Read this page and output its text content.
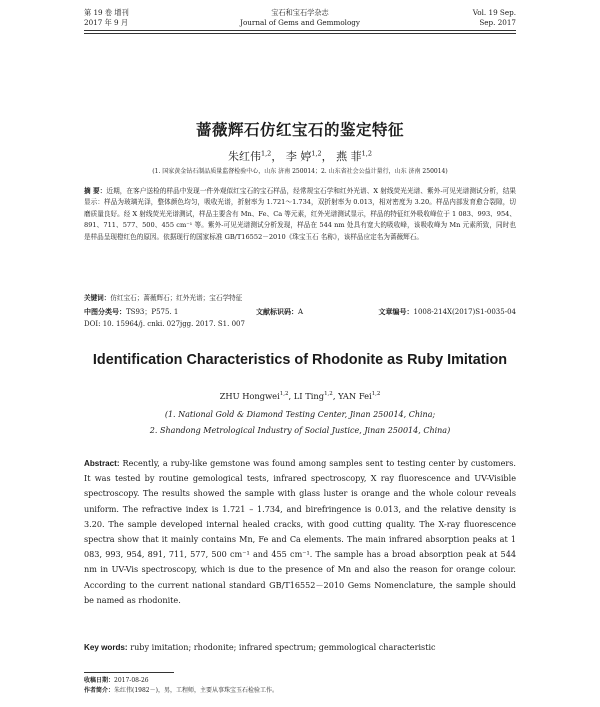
第 19 卷 增刊
2017 年 9 月
宝石和宝石学杂志
Journal of Gems and Gemmology
Vol. 19 Sep.
Sep. 2017
蔷薇辉石仿红宝石的鉴定特征
朱红伟$^{1,2}$， 李 婷$^{1,2}$， 燕 菲$^{1,2}$
(1. 国家黄金钻石制品质量监督检验中心，山东 济南 250014；2. 山东省社会公益计量行，山东 济南 250014)
摘 要：近期，在客户送检的样品中发现一件外观似红宝石的宝石样品，经常规宝石学和红外光谱、X 射线荧光光谱、紫外-可见光谱测试分析，结果显示：样品为玻璃光泽，整体颜色均匀，吸收光谱，折射率为 1.721～1.734，双折射率为 0.013，相对密度为 3.20。样品内部发育愈合裂隙，切磨质量良好。经 X 射线荧光光谱测试，样品主要含有 Mn、Fe、Ca 等元素，红外光谱测试显示，样品的特征红外吸收峰位于 1 083、993、954、891、711、577、500、455 cm⁻¹ 等。紫外-可见光谱测试分析发现，样品在 544 nm 处具有宽大的吸收峰，该吸收峰为 Mn 元素所致，同时也是样品呈现橙红色的原因。依据现行的国家标准 GB/T16552－2010《珠宝玉石 名称》，该样品应定名为蔷薇辉石。
关键词：仿红宝石；蔷薇辉石；红外光谱；宝石学特征
中图分类号：TS93；P575. 1	文献标识码：A	文章编号：1008-214X(2017)S1-0035-04
DOI: 10. 15964/j. cnki. 027jgg. 2017. S1. 007
Identification Characteristics of Rhodonite as Ruby Imitation
ZHU Hongwei$^{1,2}$, LI Ting$^{1,2}$, YAN Fei$^{1,2}$
(1. National Gold & Diamond Testing Center, Jinan 250014, China;
2. Shandong Metrological Industry of Social Justice, Jinan 250014, China)
Abstract: Recently, a ruby-like gemstone was found among samples sent to testing center by customers. It was tested by routine gemological tests, infrared spectroscopy, X ray fluorescence and UV-Visible spectroscopy. The results showed the sample with glass luster is orange and the whole colour reveals uniform. The refractive index is 1.721 – 1.734, and birefringence is 0.013, and the relative density is 3.20. The sample developed internal healed cracks, with good cutting quality. The X-ray fluorescence spectra show that it mainly contains Mn, Fe and Ca elements. The main infrared absorption peaks at 1 083, 993, 954, 891, 711, 577, 500 cm⁻¹ and 455 cm⁻¹. The sample has a broad absorption peak at 544 nm in UV-Vis spectroscopy, which is due to the presence of Mn and also the reason for orange colour. According to the current national standard GB/T16552－2010 Gems Nomenclature, the sample should be named as rhodonite.
Key words: ruby imitation; rhodonite; infrared spectrum; gemmological characteristic
收稿日期：2017-08-26
作者简介：朱红伟(1982－)，男，工程师，主要从事珠宝玉石检验工作。
